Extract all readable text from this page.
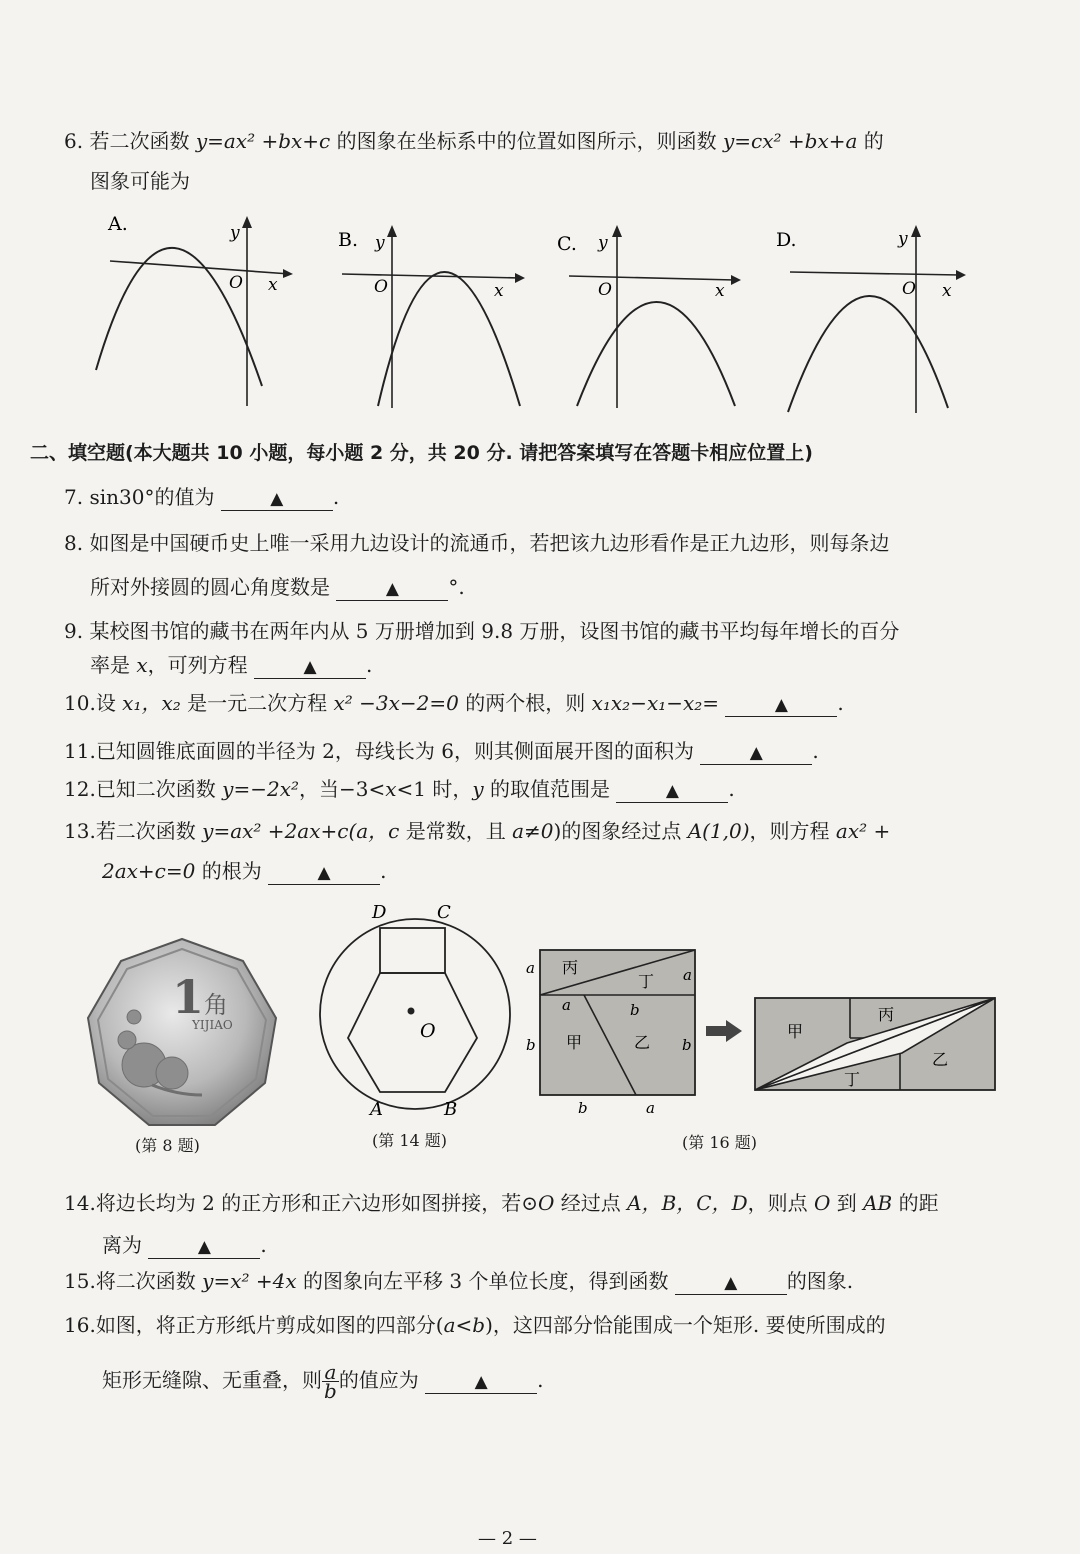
6. 若二次函数 y=ax² +bx+c 的图象在坐标系中的位置如图所示，则函数 y=cx² +bx+a 的
图象可能为
A.	y
x
O
B. y
x
O
C. y
x
O
D.	y
x
O
二、填空题(本大题共 10 小题，每小题 2 分，共 20 分. 请把答案填写在答题卡相应位置上)
7. sin30°的值为	▲ .
8. 如图是中国硬币史上唯一采用九边设计的流通币，若把该九边形看作是正九边形，则每条边
所对外接圆的圆心角度数是	▲ °.
9. 某校图书馆的藏书在两年内从 5 万册增加到 9.8 万册，设图书馆的藏书平均每年增长的百分
率是 x，可列方程	▲ .
10.设 x₁，x₂ 是一元二次方程 x² −3x−2=0 的两个根，则 x₁x₂−x₁−x₂=	▲ .
11.已知圆锥底面圆的半径为 2，母线长为 6，则其侧面展开图的面积为	▲ .
12.已知二次函数 y=−2x²，当−3<x<1 时，y 的取值范围是	▲ .
13.若二次函数 y=ax² +2ax+c(a，c 是常数，且 a≠0)的图象经过点 A(1,0)，则方程 ax² +
2ax+c=0 的根为	▲ .
1 角
YIJIAO
(第 8 题)
D	C
A	B
O
(第 14 题)
丙
丁
甲	乙
a	a
a	b
b	b
b	a
甲
丙
丁
乙
(第 16 题)
14.将边长均为 2 的正方形和正六边形如图拼接，若⊙O 经过点 A，B，C，D，则点 O 到 AB 的距
离为	▲ .
15.将二次函数 y=x² +4x 的图象向左平移 3 个单位长度，得到函数	▲ 的图象.
16.如图，将正方形纸片剪成如图的四部分(a<b)，这四部分恰能围成一个矩形. 要使所围成的
矩形无缝隙、无重叠，则 $\frac{a}{b}$ 的值应为	▲ .
— 2 —
